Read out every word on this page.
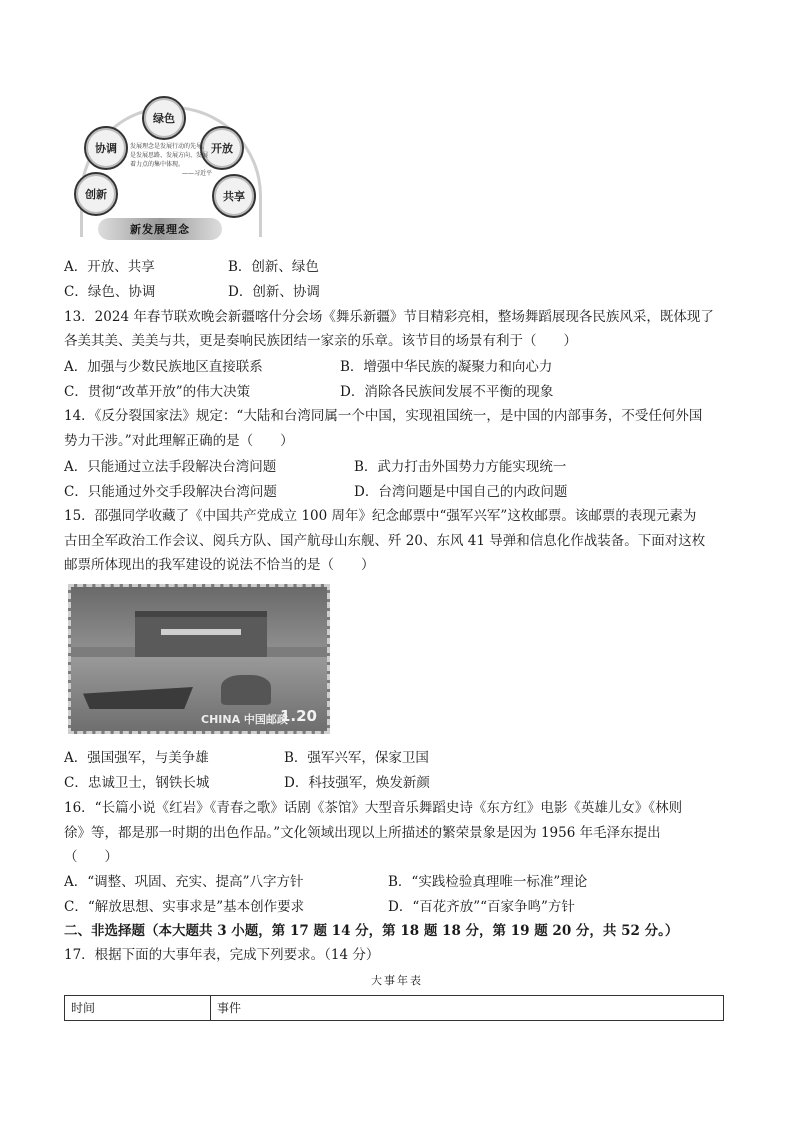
绿色
协调	开放
创新	共享
发展理念是发展行动的先导，是发展思路、发展方向、发展着力点的集中体现。
——习近平
新发展理念
A．开放、共享	B．创新、绿色
C．绿色、协调	D．创新、协调
13．2024 年春节联欢晚会新疆喀什分会场《舞乐新疆》节目精彩亮相，整场舞蹈展现各民族风采，既体现了
各美其美、美美与共，更是奏响民族团结一家亲的乐章。该节目的场景有利于（　　）
A．加强与少数民族地区直接联系	B．增强中华民族的凝聚力和向心力
C．贯彻“改革开放”的伟大决策	D．消除各民族间发展不平衡的现象
14．《反分裂国家法》规定：“大陆和台湾同属一个中国，实现祖国统一，是中国的内部事务，不受任何外国
势力干涉。”对此理解正确的是（　　）
A．只能通过立法手段解决台湾问题	B．武力打击外国势力方能实现统一
C．只能通过外交手段解决台湾问题	D．台湾问题是中国自己的内政问题
15．邵强同学收藏了《中国共产党成立 100 周年》纪念邮票中“强军兴军”这枚邮票。该邮票的表现元素为
古田全军政治工作会议、阅兵方队、国产航母山东舰、歼 20、东风 41 导弹和信息化作战装备。下面对这枚
邮票所体现出的我军建设的说法不恰当的是（　　）
CHINA 中国邮政
1.20
A．强国强军，与美争雄	B．强军兴军，保家卫国
C．忠诚卫士，钢铁长城	D．科技强军，焕发新颜
16．“长篇小说《红岩》《青春之歌》话剧《茶馆》大型音乐舞蹈史诗《东方红》电影《英雄儿女》《林则
徐》等，都是那一时期的出色作品。”文化领域出现以上所描述的繁荣景象是因为 1956 年毛泽东提出
（　　）
A．“调整、巩固、充实、提高”八字方针	B．“实践检验真理唯一标准”理论
C．“解放思想、实事求是”基本创作要求	D．“百花齐放”“百家争鸣”方针
二、非选择题（本大题共 3 小题，第 17 题 14 分，第 18 题 18 分，第 19 题 20 分，共 52 分。）
17．根据下面的大事年表，完成下列要求。（14 分）
大事年表
时间	事件
